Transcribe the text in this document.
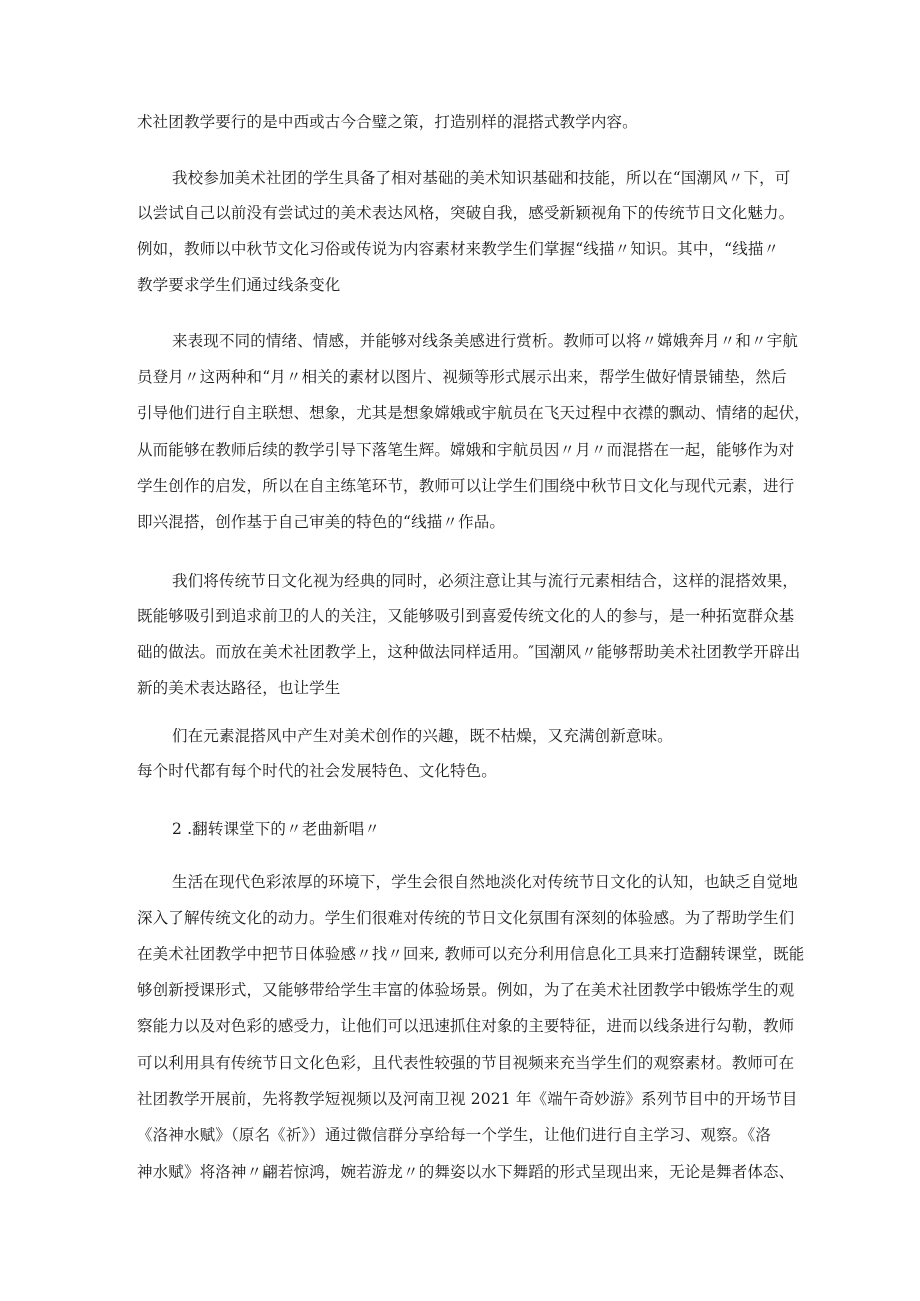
术社团教学要行的是中西或古今合璧之策，打造别样的混搭式教学内容。
我校参加美术社团的学生具备了相对基础的美术知识基础和技能，所以在“国潮风〃下，可
以尝试自己以前没有尝试过的美术表达风格，突破自我，感受新颖视角下的传统节日文化魅力。
例如，教师以中秋节文化习俗或传说为内容素材来教学生们掌握“线描〃知识。其中，“线描〃
教学要求学生们通过线条变化
来表现不同的情绪、情感，并能够对线条美感进行赏析。教师可以将〃嫦娥奔月〃和〃宇航
员登月〃这两种和“月〃相关的素材以图片、视频等形式展示出来，帮学生做好情景铺垫，然后
引导他们进行自主联想、想象，尤其是想象嫦娥或宇航员在飞天过程中衣襟的飘动、情绪的起伏，
从而能够在教师后续的教学引导下落笔生辉。嫦娥和宇航员因〃月〃而混搭在一起，能够作为对
学生创作的启发，所以在自主练笔环节，教师可以让学生们围绕中秋节日文化与现代元素，进行
即兴混搭，创作基于自己审美的特色的“线描〃作品。
我们将传统节日文化视为经典的同时，必须注意让其与流行元素相结合，这样的混搭效果，
既能够吸引到追求前卫的人的关注，又能够吸引到喜爱传统文化的人的参与，是一种拓宽群众基
础的做法。而放在美术社团教学上，这种做法同样适用。″国潮风〃能够帮助美术社团教学开辟出
新的美术表达路径，也让学生
们在元素混搭风中产生对美术创作的兴趣，既不枯燥，又充满创新意味。
每个时代都有每个时代的社会发展特色、文化特色。
2 .翻转课堂下的〃老曲新唱〃
生活在现代色彩浓厚的环境下，学生会很自然地淡化对传统节日文化的认知，也缺乏自觉地
深入了解传统文化的动力。学生们很难对传统的节日文化氛围有深刻的体验感。为了帮助学生们
在美术社团教学中把节日体验感〃找〃回来, 教师可以充分利用信息化工具来打造翻转课堂，既能
够创新授课形式，又能够带给学生丰富的体验场景。例如，为了在美术社团教学中锻炼学生的观
察能力以及对色彩的感受力，让他们可以迅速抓住对象的主要特征，进而以线条进行勾勒，教师
可以利用具有传统节日文化色彩，且代表性较强的节目视频来充当学生们的观察素材。教师可在
社团教学开展前，先将教学短视频以及河南卫视 2021 年《端午奇妙游》系列节目中的开场节目
《洛神水赋》（原名《祈》）通过微信群分享给每一个学生，让他们进行自主学习、观察。《洛
神水赋》将洛神〃翩若惊鸿，婉若游龙〃的舞姿以水下舞蹈的形式呈现出来，无论是舞者体态、
